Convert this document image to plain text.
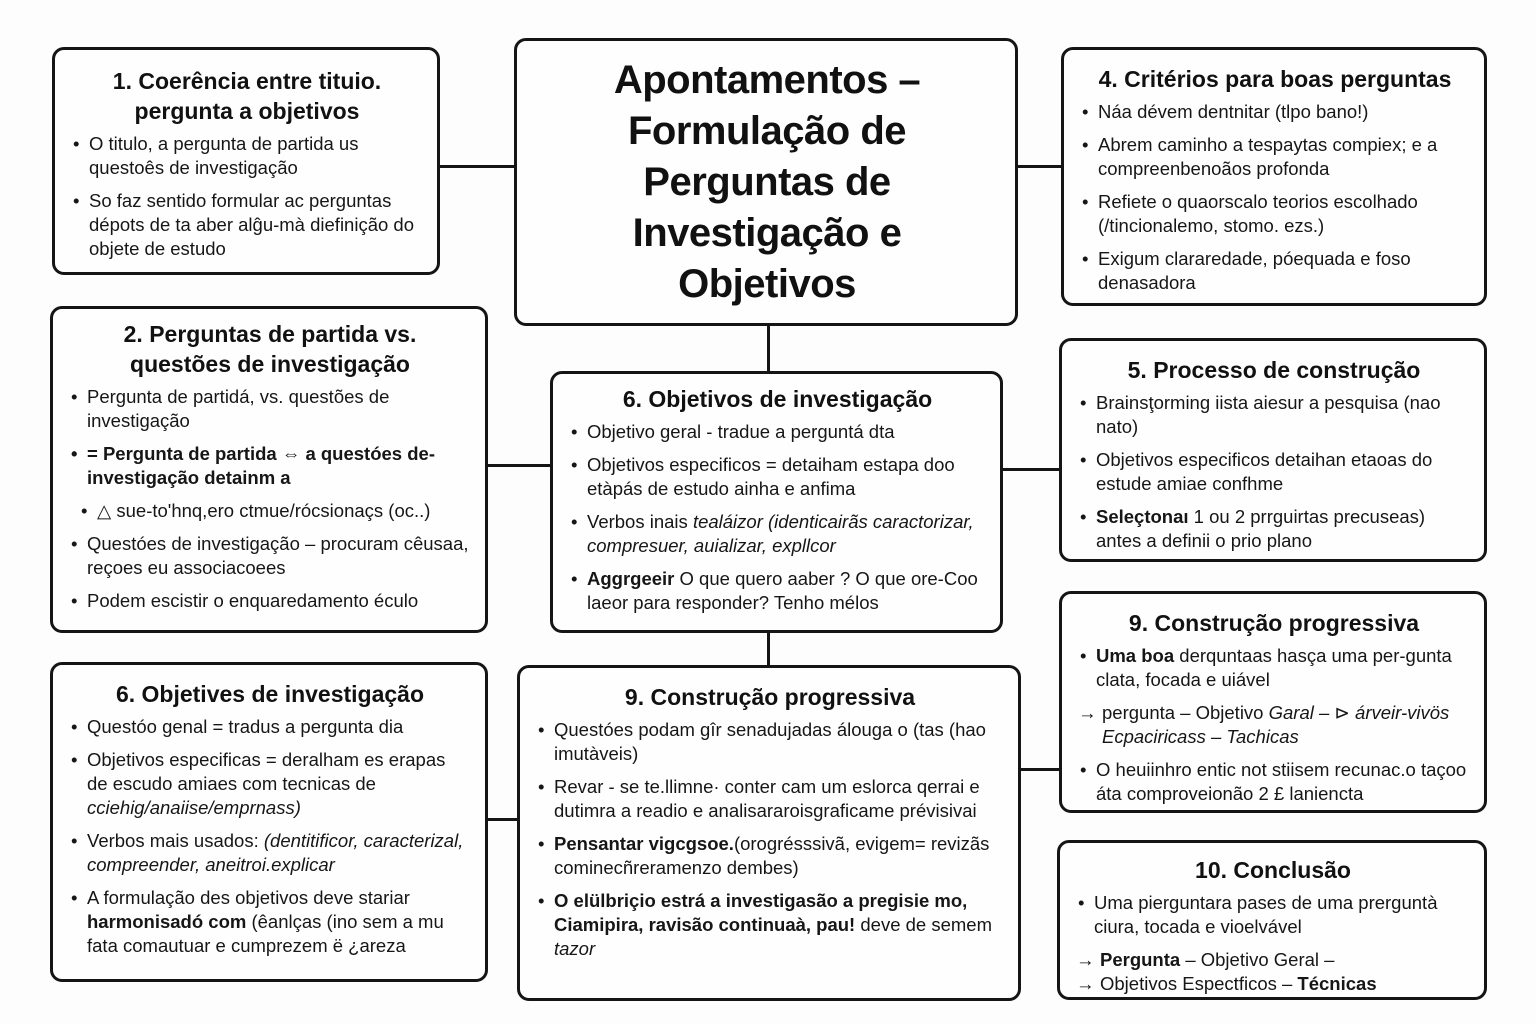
Apontamentos –
Formulação de
Perguntas de
Investigação e
Objetivos
1. Coerência entre tituio.
pergunta a objetivos
• O titulo, a pergunta de partida us questoês de investigação
• So faz sentido formular ac perguntas dépots de ta aber alĝu-mà diefinição do objete de estudo
4. Critérios para boas perguntas
• Náa dévem dentnitar (tlpo bano!)
• Abrem caminho a tespaytas compiex; e a compreenbenoãos profonda
• Refiete o quaorscalo teorios escolhado (/tincionalemo, stomo. ezs.)
• Exigum clararedade, póequada e foso denasadora
2. Perguntas de partida vs.
questões de investigação
• Pergunta de partidá, vs. questões de investigação
• = Pergunta de partida ⇔ a questóes de-investigação detainm a
• △ sue-to'hnq,ero ctmue/rócsionaçs (oc..)
• Questóes de investigação – procuram cêusaa, reçoes eu associacoees
• Podem escistir o enquaredamento éculo
6. Objetivos de investigação
• Objetivo geral - tradue a perguntá dta
• Objetivos especificos = detaiham estapa doo etàpás de estudo ainha e anfima
• Verbos inais tealáizor (identicairãs caractorizar, compresuer, auializar, expllcor
• Aggrgeeir O que quero aaber ? O que ore-Coo laeor para responder? Tenho mélos
5. Processo de construção
• Brainsţorming iista aiesur a pesquisa (nao nato)
• Objetivos especificos detaihan etaoas do estude amiae confhme
• Seleçtonaı 1 ou 2 prrguirtas precuseas) antes a definii o prio plano
6. Objetives de investigação
• Questóo genal = tradus a pergunta dia
• Objetivos especificas = deralham es erapas de escudo amiaes com tecnicas de cciehig/anaiise/emprnass)
• Verbos mais usados: (dentitificor, caracterizal, compreender, aneitroi.explicar
• A formulação des objetivos deve stariar harmonisadó com (êanlças (ino sem a mu fata comautuar e cumprezem ë ¿areza
9. Construção progressiva
• Questóes podam gîr senadujadas álouga o (tas (hao imutàveis)
• Revar - se te.llimne· conter cam um eslorca qerrai e dutimra a readio e analisararoisgraficame prévisivai
• Pensantar vigcgsoe.(orogrésssivã, evigem= revizãs cominecñreramenzo dembes)
• O elülbriçio estrá a investigasão a pregisie mo, Ciamipira, ravisão continuaà, pau! deve de semem tazor
9. Construção progressiva
• Uma boa derquntaas hasça uma per-gunta clata, focada e uiável
→ pergunta – Objetivo Garal – ⊳ árveir-vivös Ecpaciricass – Tachicas
• O heuiinhro entic not stiisem recunac.o taçoo áta comproveionão 2 £ laniencta
10. Conclusão
• Uma pierguntara pases de uma prerguntà ciura, tocada e vioelvável
→ Pergunta – Objetivo Geral –
→ Objetivos Espectficos – Técnicas
